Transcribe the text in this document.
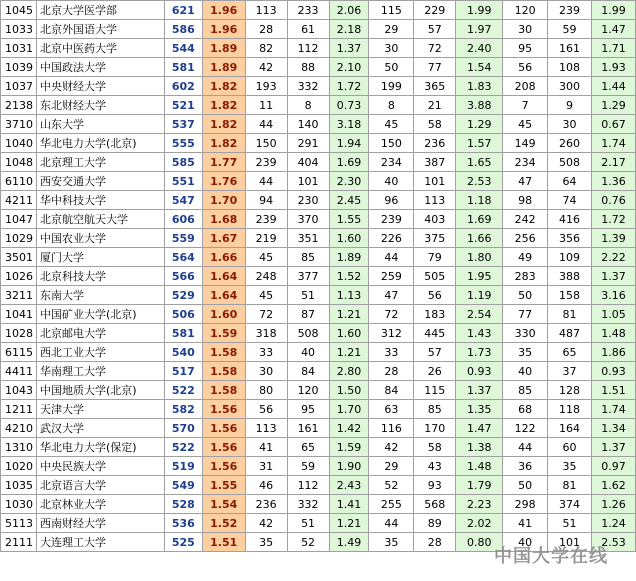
1045	北京大学医学部	621	1.96	113	233	2.06	115	229	1.99	120	239	1.99
1033	北京外国语大学	586	1.96	28	61	2.18	29	57	1.97	30	59	1.47
1031	北京中医药大学	544	1.89	82	112	1.37	30	72	2.40	95	161	1.71
1039	中国政法大学	581	1.89	42	88	2.10	50	77	1.54	56	108	1.93
1037	中央财经大学	602	1.82	193	332	1.72	199	365	1.83	208	300	1.44
2138	东北财经大学	521	1.82	11	8	0.73	8	21	3.88	7	9	1.29
3710	山东大学	537	1.82	44	140	3.18	45	58	1.29	45	30	0.67
1040	华北电力大学(北京)	555	1.82	150	291	1.94	150	236	1.57	149	260	1.74
1048	北京理工大学	585	1.77	239	404	1.69	234	387	1.65	234	508	2.17
6110	西安交通大学	551	1.76	44	101	2.30	40	101	2.53	47	64	1.36
4211	华中科技大学	547	1.70	94	230	2.45	96	113	1.18	98	74	0.76
1047	北京航空航天大学	606	1.68	239	370	1.55	239	403	1.69	242	416	1.72
1029	中国农业大学	559	1.67	219	351	1.60	226	375	1.66	256	356	1.39
3501	厦门大学	564	1.66	45	85	1.89	44	79	1.80	49	109	2.22
1026	北京科技大学	566	1.64	248	377	1.52	259	505	1.95	283	388	1.37
3211	东南大学	529	1.64	45	51	1.13	47	56	1.19	50	158	3.16
1041	中国矿业大学(北京)	506	1.60	72	87	1.21	72	183	2.54	77	81	1.05
1028	北京邮电大学	581	1.59	318	508	1.60	312	445	1.43	330	487	1.48
6115	西北工业大学	540	1.58	33	40	1.21	33	57	1.73	35	65	1.86
4411	华南理工大学	517	1.58	30	84	2.80	28	26	0.93	40	37	0.93
1043	中国地质大学(北京)	522	1.58	80	120	1.50	84	115	1.37	85	128	1.51
1211	天津大学	582	1.56	56	95	1.70	63	85	1.35	68	118	1.74
4210	武汉大学	570	1.56	113	161	1.42	116	170	1.47	122	164	1.34
1310	华北电力大学(保定)	522	1.56	41	65	1.59	42	58	1.38	44	60	1.37
1020	中央民族大学	519	1.56	31	59	1.90	29	43	1.48	36	35	0.97
1035	北京语言大学	549	1.55	46	112	2.43	52	93	1.79	50	81	1.62
1030	北京林业大学	528	1.54	236	332	1.41	255	568	2.23	298	374	1.26
5113	西南财经大学	536	1.52	42	51	1.21	44	89	2.02	41	51	1.24
2111	大连理工大学	525	1.51	35	52	1.49	35	28	0.80	40	101	2.53
中国大学在线
